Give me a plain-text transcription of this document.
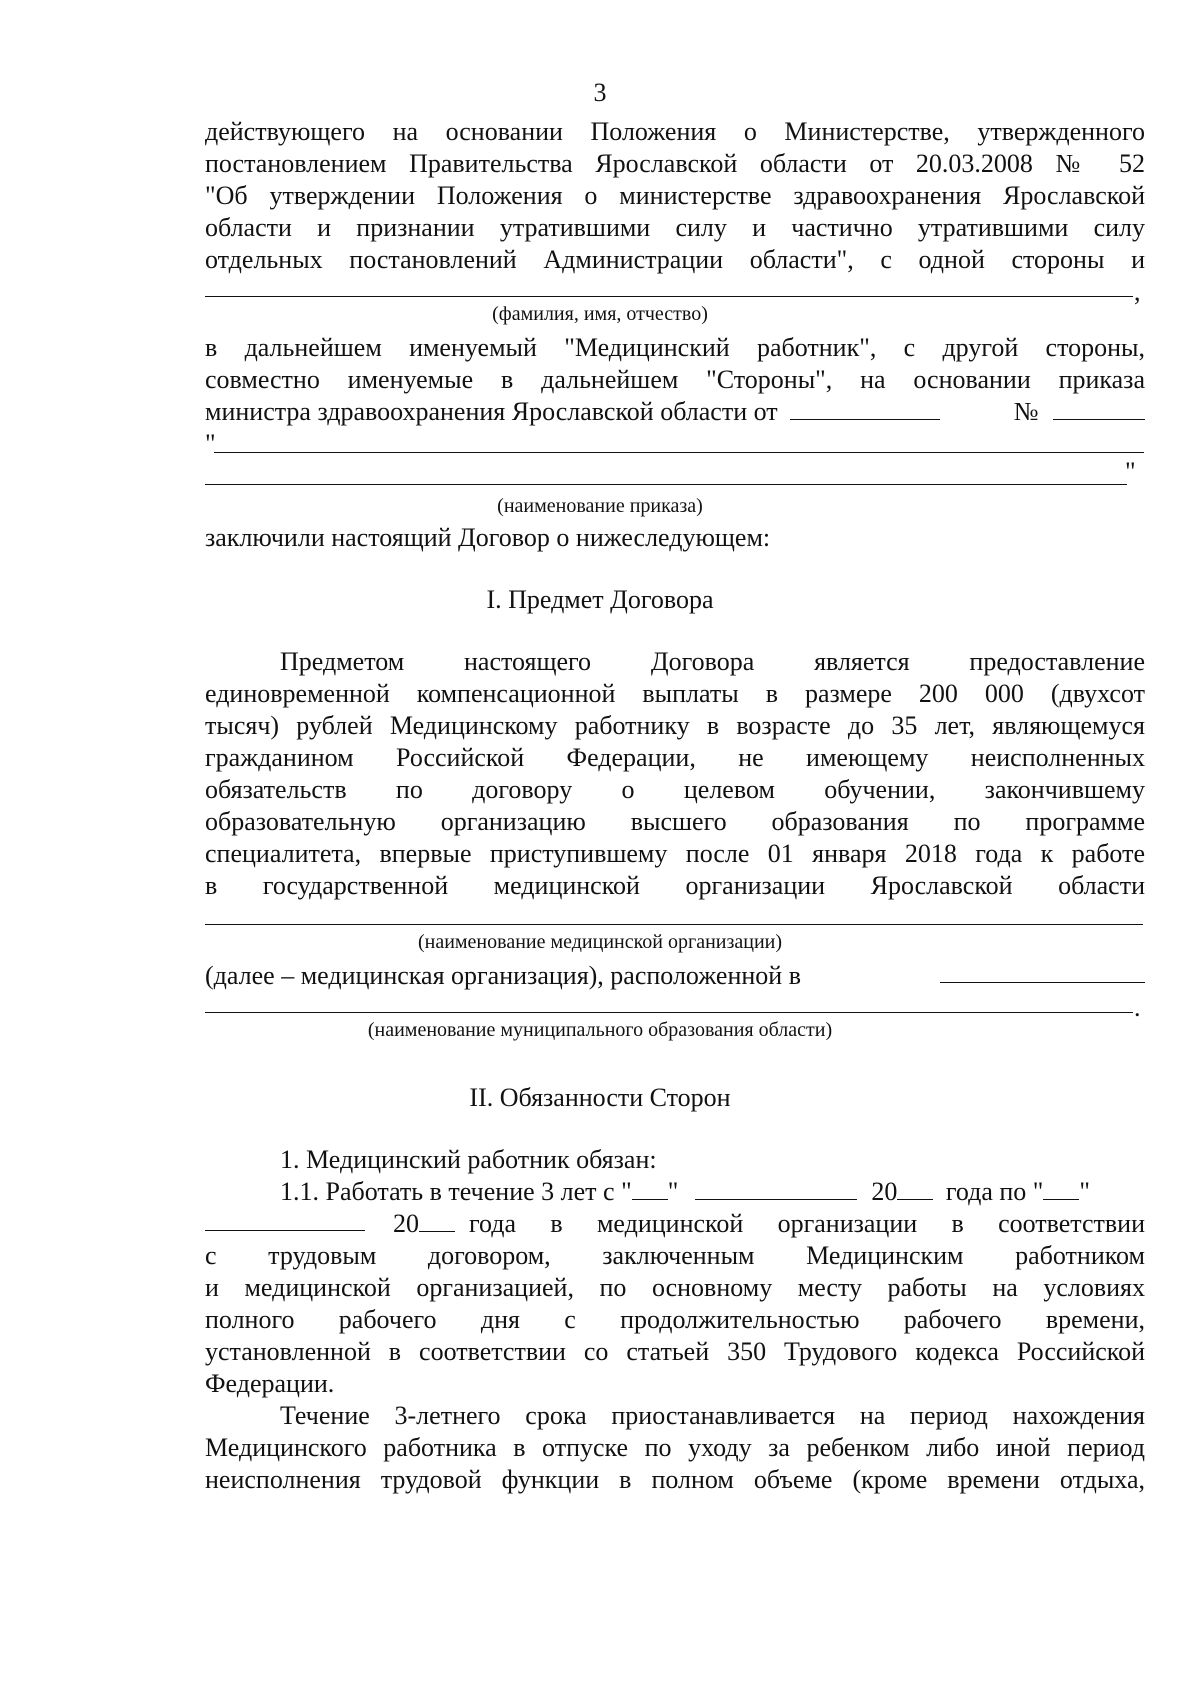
3
действующего на основании Положения о Министерстве, утвержденного
постановлением Правительства Ярославской области от 20.03.2008 № 52
"Об утверждении Положения о министерстве здравоохранения Ярославской
области и признании утратившими силу и частично утратившими силу
отдельных постановлений Администрации области", с одной стороны и
,
(фамилия, имя, отчество)
в дальнейшем именуемый "Медицинский работник", с другой стороны,
совместно именуемые в дальнейшем "Стороны", на основании приказа
министра здравоохранения Ярославской области от	№
"
"
(наименование приказа)
заключили настоящий Договор о нижеследующем:
I. Предмет Договора
Предметом настоящего Договора является предоставление
единовременной компенсационной выплаты в размере 200 000 (двухсот
тысяч) рублей Медицинскому работнику в возрасте до 35 лет, являющемуся
гражданином Российской Федерации, не имеющему неисполненных
обязательств по договору о целевом обучении, закончившему
образовательную организацию высшего образования по программе
специалитета, впервые приступившему после 01 января 2018 года к работе
в государственной медицинской организации Ярославской области
(наименование медицинской организации)
(далее – медицинская организация), расположенной в
.
(наименование муниципального образования области)
II. Обязанности Сторон
1. Медицинский работник обязан:
1.1. Работать в течение 3 лет с " "	20 года по " "
20	года в медицинской организации в соответствии
с трудовым договором, заключенным Медицинским работником
и медицинской организацией, по основному месту работы на условиях
полного рабочего дня с продолжительностью рабочего времени,
установленной в соответствии со статьей 350 Трудового кодекса Российской
Федерации.
Течение 3-летнего срока приостанавливается на период нахождения
Медицинского работника в отпуске по уходу за ребенком либо иной период
неисполнения трудовой функции в полном объеме (кроме времени отдыха,
